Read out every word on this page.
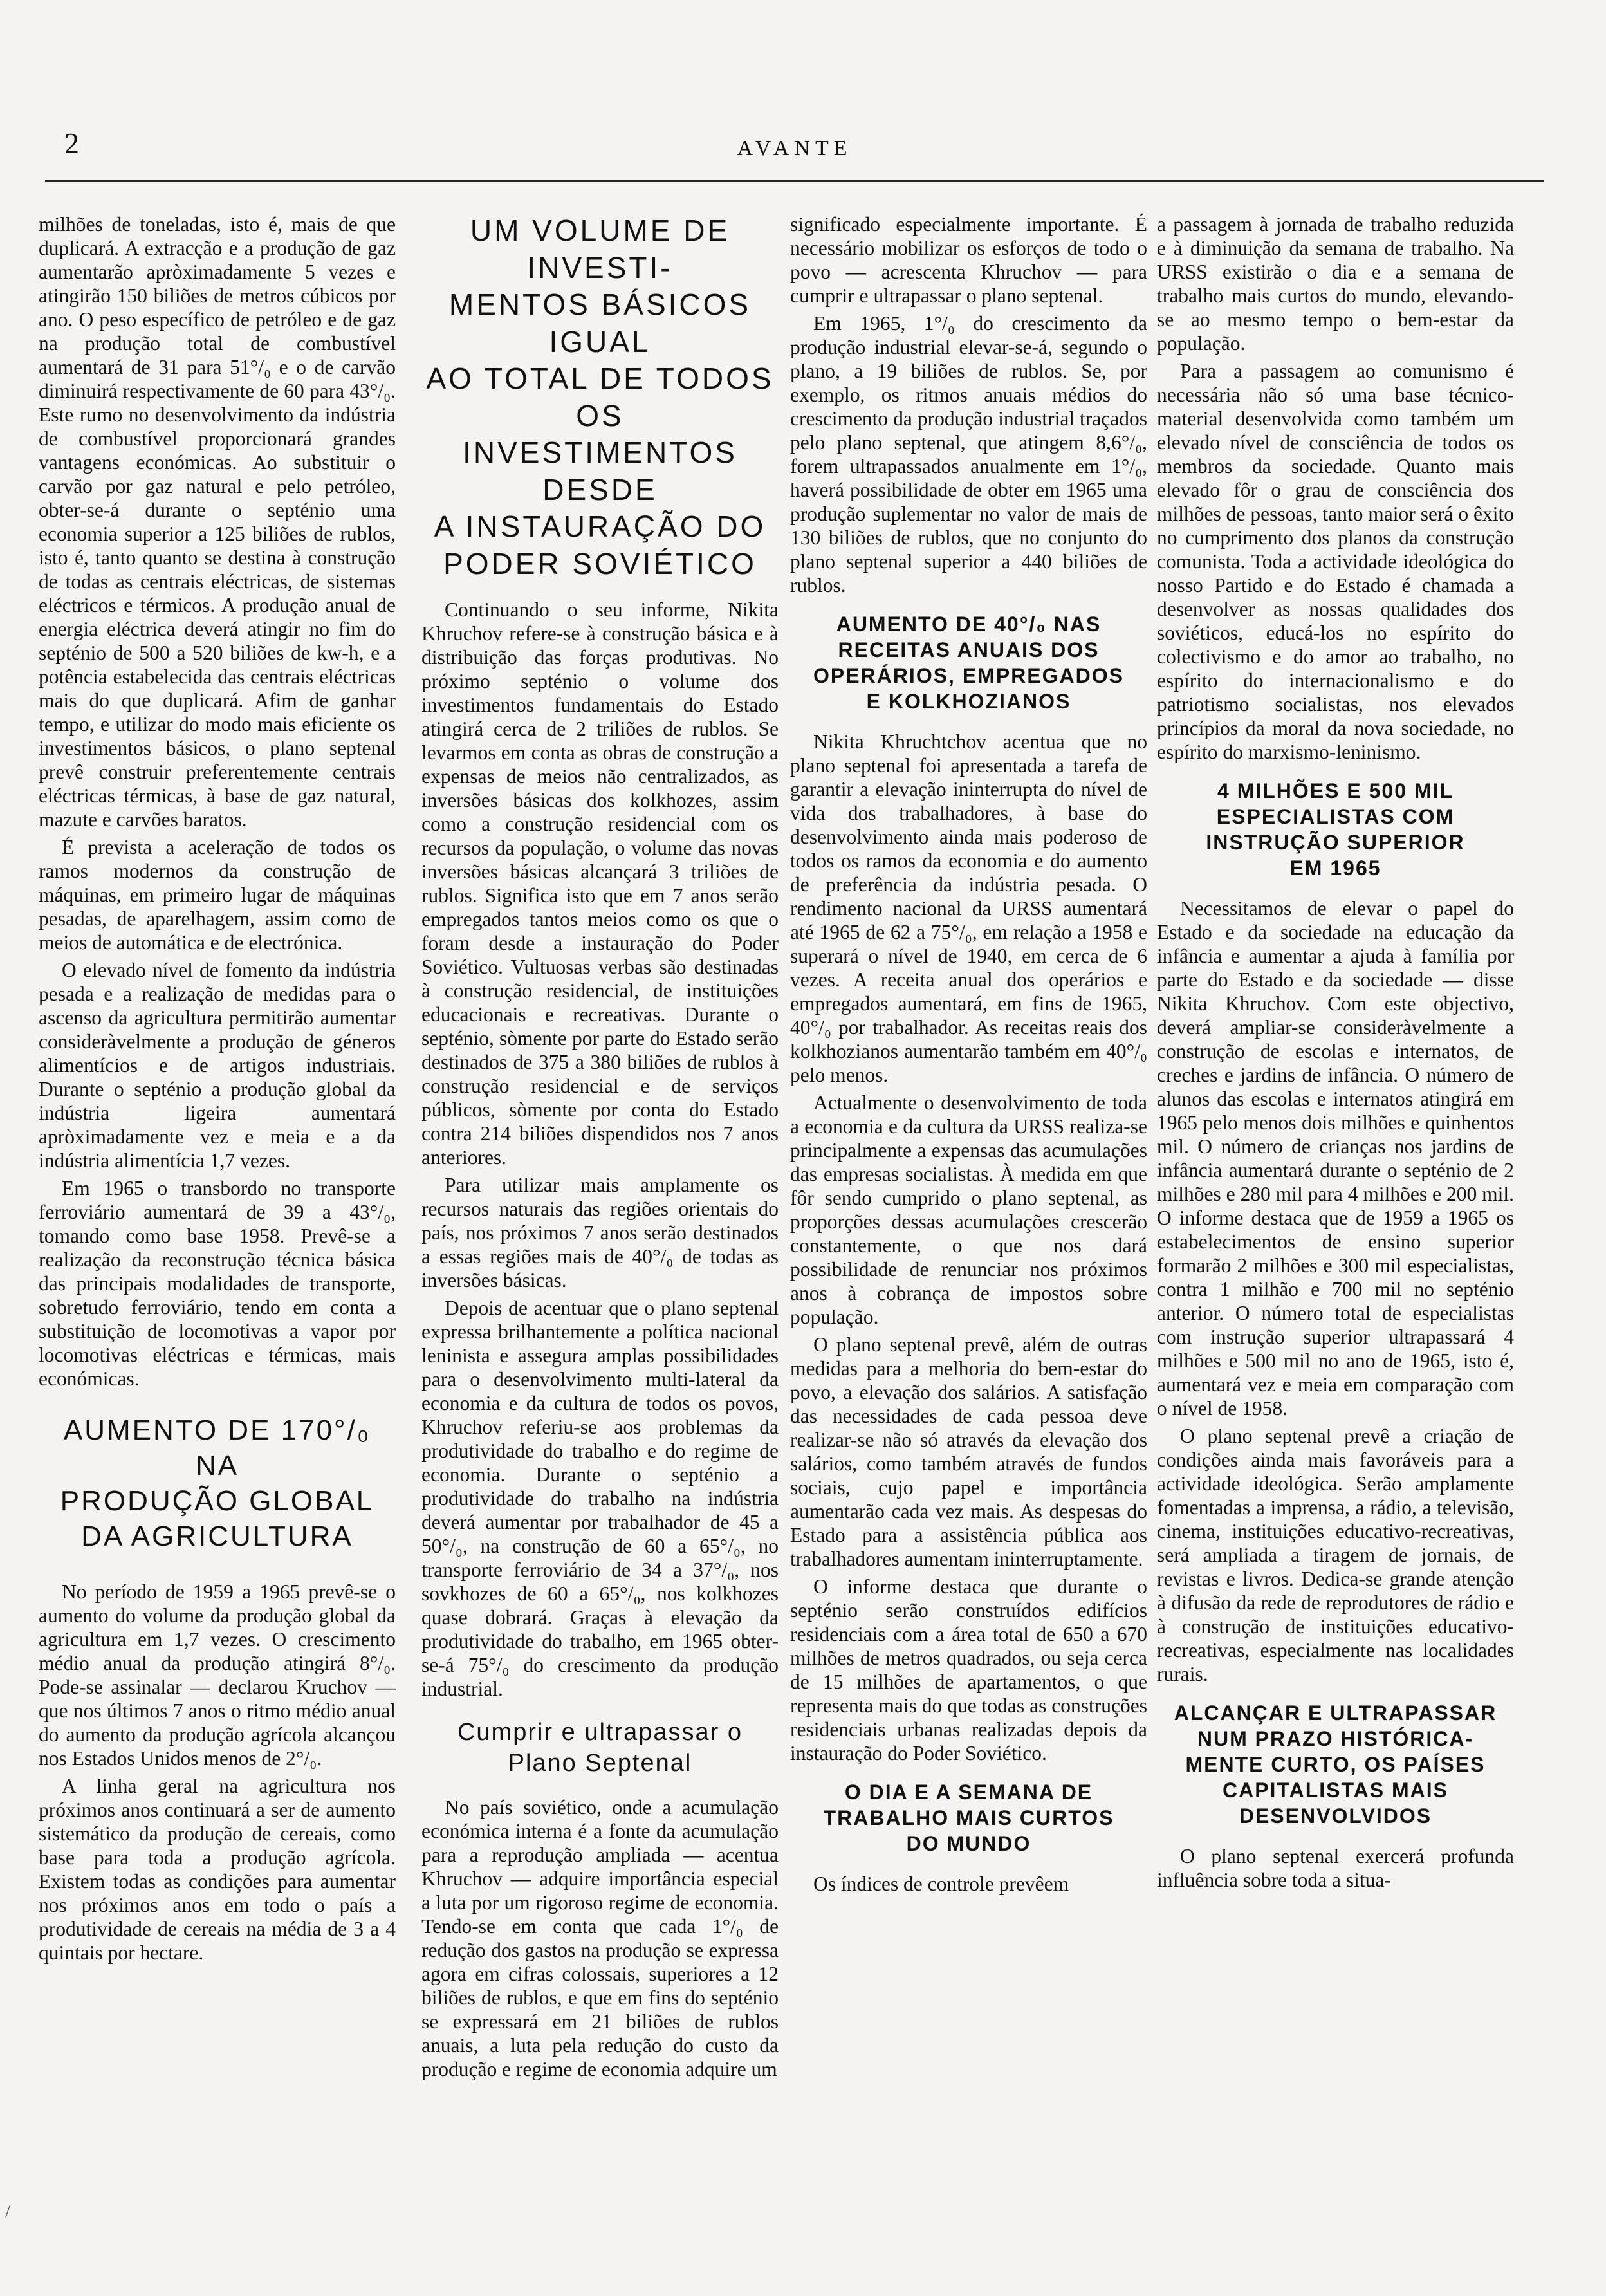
2	AVANTE

milhões de toneladas, isto é, mais de que duplicará. A extracção e a produção de gaz aumentarão apròximadamente 5 vezes e atingirão 150 biliões de metros cúbicos por ano. O peso específico de petróleo e de gaz na produção total de combustível aumentará de 31 para 51°/₀ e o de carvão diminuirá respectivamente de 60 para 43°/₀. Este rumo no desenvolvimento da indústria de combustível proporcionará grandes vantagens económicas. Ao substituir o carvão por gaz natural e pelo petróleo, obter-se-á durante o septénio uma economia superior a 125 biliões de rublos, isto é, tanto quanto se destina à construção de todas as centrais eléctricas, de sistemas eléctricos e térmicos. A produção anual de energia eléctrica deverá atingir no fim do septénio de 500 a 520 biliões de kw-h, e a potência estabelecida das centrais eléctricas mais do que duplicará. Afim de ganhar tempo, e utilizar do modo mais eficiente os investimentos básicos, o plano septenal prevê construir preferentemente centrais eléctricas térmicas, à base de gaz natural, mazute e carvões baratos.

É prevista a aceleração de todos os ramos modernos da construção de máquinas, em primeiro lugar de máquinas pesadas, de aparelhagem, assim como de meios de automática e de electrónica.

O elevado nível de fomento da indústria pesada e a realização de medidas para o ascenso da agricultura permitirão aumentar consideràvelmente a produção de géneros alimentícios e de artigos industriais. Durante o septénio a produção global da indústria ligeira aumentará apròximadamente vez e meia e a da indústria alimentícia 1,7 vezes.

Em 1965 o transbordo no transporte ferroviário aumentará de 39 a 43°/₀, tomando como base 1958. Prevê-se a realização da reconstrução técnica básica das principais modalidades de transporte, sobretudo ferroviário, tendo em conta a substituição de locomotivas a vapor por locomotivas eléctricas e térmicas, mais económicas.

AUMENTO DE 170°/₀ NA
PRODUÇÃO GLOBAL
DA AGRICULTURA

No período de 1959 a 1965 prevê-se o aumento do volume da produção global da agricultura em 1,7 vezes. O crescimento médio anual da produção atingirá 8°/₀. Pode-se assinalar — declarou Kruchov — que nos últimos 7 anos o ritmo médio anual do aumento da produção agrícola alcançou nos Estados Unidos menos de 2°/₀.

A linha geral na agricultura nos próximos anos continuará a ser de aumento sistemático da produção de cereais, como base para toda a produção agrícola. Existem todas as condições para aumentar nos próximos anos em todo o país a produtividade de cereais na média de 3 a 4 quintais por hectare.

UM VOLUME DE INVESTI-
MENTOS BÁSICOS IGUAL
AO TOTAL DE TODOS OS
INVESTIMENTOS DESDE
A INSTAURAÇÃO DO
PODER SOVIÉTICO

Continuando o seu informe, Nikita Khruchov refere-se à construção básica e à distribuição das forças produtivas. No próximo septénio o volume dos investimentos fundamentais do Estado atingirá cerca de 2 triliões de rublos. Se levarmos em conta as obras de construção a expensas de meios não centralizados, as inversões básicas dos kolkhozes, assim como a construção residencial com os recursos da população, o volume das novas inversões básicas alcançará 3 triliões de rublos. Significa isto que em 7 anos serão empregados tantos meios como os que o foram desde a instauração do Poder Soviético. Vultuosas verbas são destinadas à construção residencial, de instituições educacionais e recreativas. Durante o septénio, sòmente por parte do Estado serão destinados de 375 a 380 biliões de rublos à construção residencial e de serviços públicos, sòmente por conta do Estado contra 214 biliões dispendidos nos 7 anos anteriores.

Para utilizar mais amplamente os recursos naturais das regiões orientais do país, nos próximos 7 anos serão destinados a essas regiões mais de 40°/₀ de todas as inversões básicas.

Depois de acentuar que o plano septenal expressa brilhantemente a política nacional leninista e assegura amplas possibilidades para o desenvolvimento multi-lateral da economia e da cultura de todos os povos, Khruchov referiu-se aos problemas da produtividade do trabalho e do regime de economia. Durante o septénio a produtividade do trabalho na indústria deverá aumentar por trabalhador de 45 a 50°/₀, na construção de 60 a 65°/₀, no transporte ferroviário de 34 a 37°/₀, nos sovkhozes de 60 a 65°/₀, nos kolkhozes quase dobrará. Graças à elevação da produtividade do trabalho, em 1965 obter-se-á 75°/₀ do crescimento da produção industrial.

Cumprir e ultrapassar o
Plano Septenal

No país soviético, onde a acumulação económica interna é a fonte da acumulação para a reprodução ampliada — acentua Khruchov — adquire importância especial a luta por um rigoroso regime de economia. Tendo-se em conta que cada 1°/₀ de redução dos gastos na produção se expressa agora em cifras colossais, superiores a 12 biliões de rublos, e que em fins do septénio se expressará em 21 biliões de rublos anuais, a luta pela redução do custo da produção e regime de economia adquire um

significado especialmente importante. É necessário mobilizar os esforços de todo o povo — acrescenta Khruchov — para cumprir e ultrapassar o plano septenal.

Em 1965, 1°/₀ do crescimento da produção industrial elevar-se-á, segundo o plano, a 19 biliões de rublos. Se, por exemplo, os ritmos anuais médios do crescimento da produção industrial traçados pelo plano septenal, que atingem 8,6°/₀, forem ultrapassados anualmente em 1°/₀, haverá possibilidade de obter em 1965 uma produção suplementar no valor de mais de 130 biliões de rublos, que no conjunto do plano septenal superior a 440 biliões de rublos.

AUMENTO DE 40°/₀ NAS
RECEITAS ANUAIS DOS
OPERÁRIOS, EMPREGADOS
E KOLKHOZIANOS

Nikita Khruchtchov acentua que no plano septenal foi apresentada a tarefa de garantir a elevação ininterrupta do nível de vida dos trabalhadores, à base do desenvolvimento ainda mais poderoso de todos os ramos da economia e do aumento de preferência da indústria pesada. O rendimento nacional da URSS aumentará até 1965 de 62 a 75°/₀, em relação a 1958 e superará o nível de 1940, em cerca de 6 vezes. A receita anual dos operários e empregados aumentará, em fins de 1965, 40°/₀ por trabalhador. As receitas reais dos kolkhozianos aumentarão também em 40°/₀ pelo menos.

Actualmente o desenvolvimento de toda a economia e da cultura da URSS realiza-se principalmente a expensas das acumulações das empresas socialistas. À medida em que fôr sendo cumprido o plano septenal, as proporções dessas acumulações crescerão constantemente, o que nos dará possibilidade de renunciar nos próximos anos à cobrança de impostos sobre população.

O plano septenal prevê, além de outras medidas para a melhoria do bem-estar do povo, a elevação dos salários. A satisfação das necessidades de cada pessoa deve realizar-se não só através da elevação dos salários, como também através de fundos sociais, cujo papel e importância aumentarão cada vez mais. As despesas do Estado para a assistência pública aos trabalhadores aumentam ininterruptamente.

O informe destaca que durante o septénio serão construídos edifícios residenciais com a área total de 650 a 670 milhões de metros quadrados, ou seja cerca de 15 milhões de apartamentos, o que representa mais do que todas as construções residenciais urbanas realizadas depois da instauração do Poder Soviético.

O DIA E A SEMANA DE
TRABALHO MAIS CURTOS
DO MUNDO

Os índices de controle prevêem

a passagem à jornada de trabalho reduzida e à diminuição da semana de trabalho. Na URSS existirão o dia e a semana de trabalho mais curtos do mundo, elevando-se ao mesmo tempo o bem-estar da população.

Para a passagem ao comunismo é necessária não só uma base técnico-material desenvolvida como também um elevado nível de consciência de todos os membros da sociedade. Quanto mais elevado fôr o grau de consciência dos milhões de pessoas, tanto maior será o êxito no cumprimento dos planos da construção comunista. Toda a actividade ideológica do nosso Partido e do Estado é chamada a desenvolver as nossas qualidades dos soviéticos, educá-los no espírito do colectivismo e do amor ao trabalho, no espírito do internacionalismo e do patriotismo socialistas, nos elevados princípios da moral da nova sociedade, no espírito do marxismo-leninismo.

4 MILHÕES E 500 MIL
ESPECIALISTAS COM
INSTRUÇÃO SUPERIOR
EM 1965

Necessitamos de elevar o papel do Estado e da sociedade na educação da infância e aumentar a ajuda à família por parte do Estado e da sociedade — disse Nikita Khruchov. Com este objectivo, deverá ampliar-se consideràvelmente a construção de escolas e internatos, de creches e jardins de infância. O número de alunos das escolas e internatos atingirá em 1965 pelo menos dois milhões e quinhentos mil. O número de crianças nos jardins de infância aumentará durante o septénio de 2 milhões e 280 mil para 4 milhões e 200 mil. O informe destaca que de 1959 a 1965 os estabelecimentos de ensino superior formarão 2 milhões e 300 mil especialistas, contra 1 milhão e 700 mil no septénio anterior. O número total de especialistas com instrução superior ultrapassará 4 milhões e 500 mil no ano de 1965, isto é, aumentará vez e meia em comparação com o nível de 1958.

O plano septenal prevê a criação de condições ainda mais favoráveis para a actividade ideológica. Serão amplamente fomentadas a imprensa, a rádio, a televisão, cinema, instituições educativo-recreativas, será ampliada a tiragem de jornais, de revistas e livros. Dedica-se grande atenção à difusão da rede de reprodutores de rádio e à construção de instituições educativo-recreativas, especialmente nas localidades rurais.

ALCANÇAR E ULTRAPASSAR
NUM PRAZO HISTÓRICA-
MENTE CURTO, OS PAÍSES
CAPITALISTAS MAIS
DESENVOLVIDOS

O plano septenal exercerá profunda influência sobre toda a situa-

/
